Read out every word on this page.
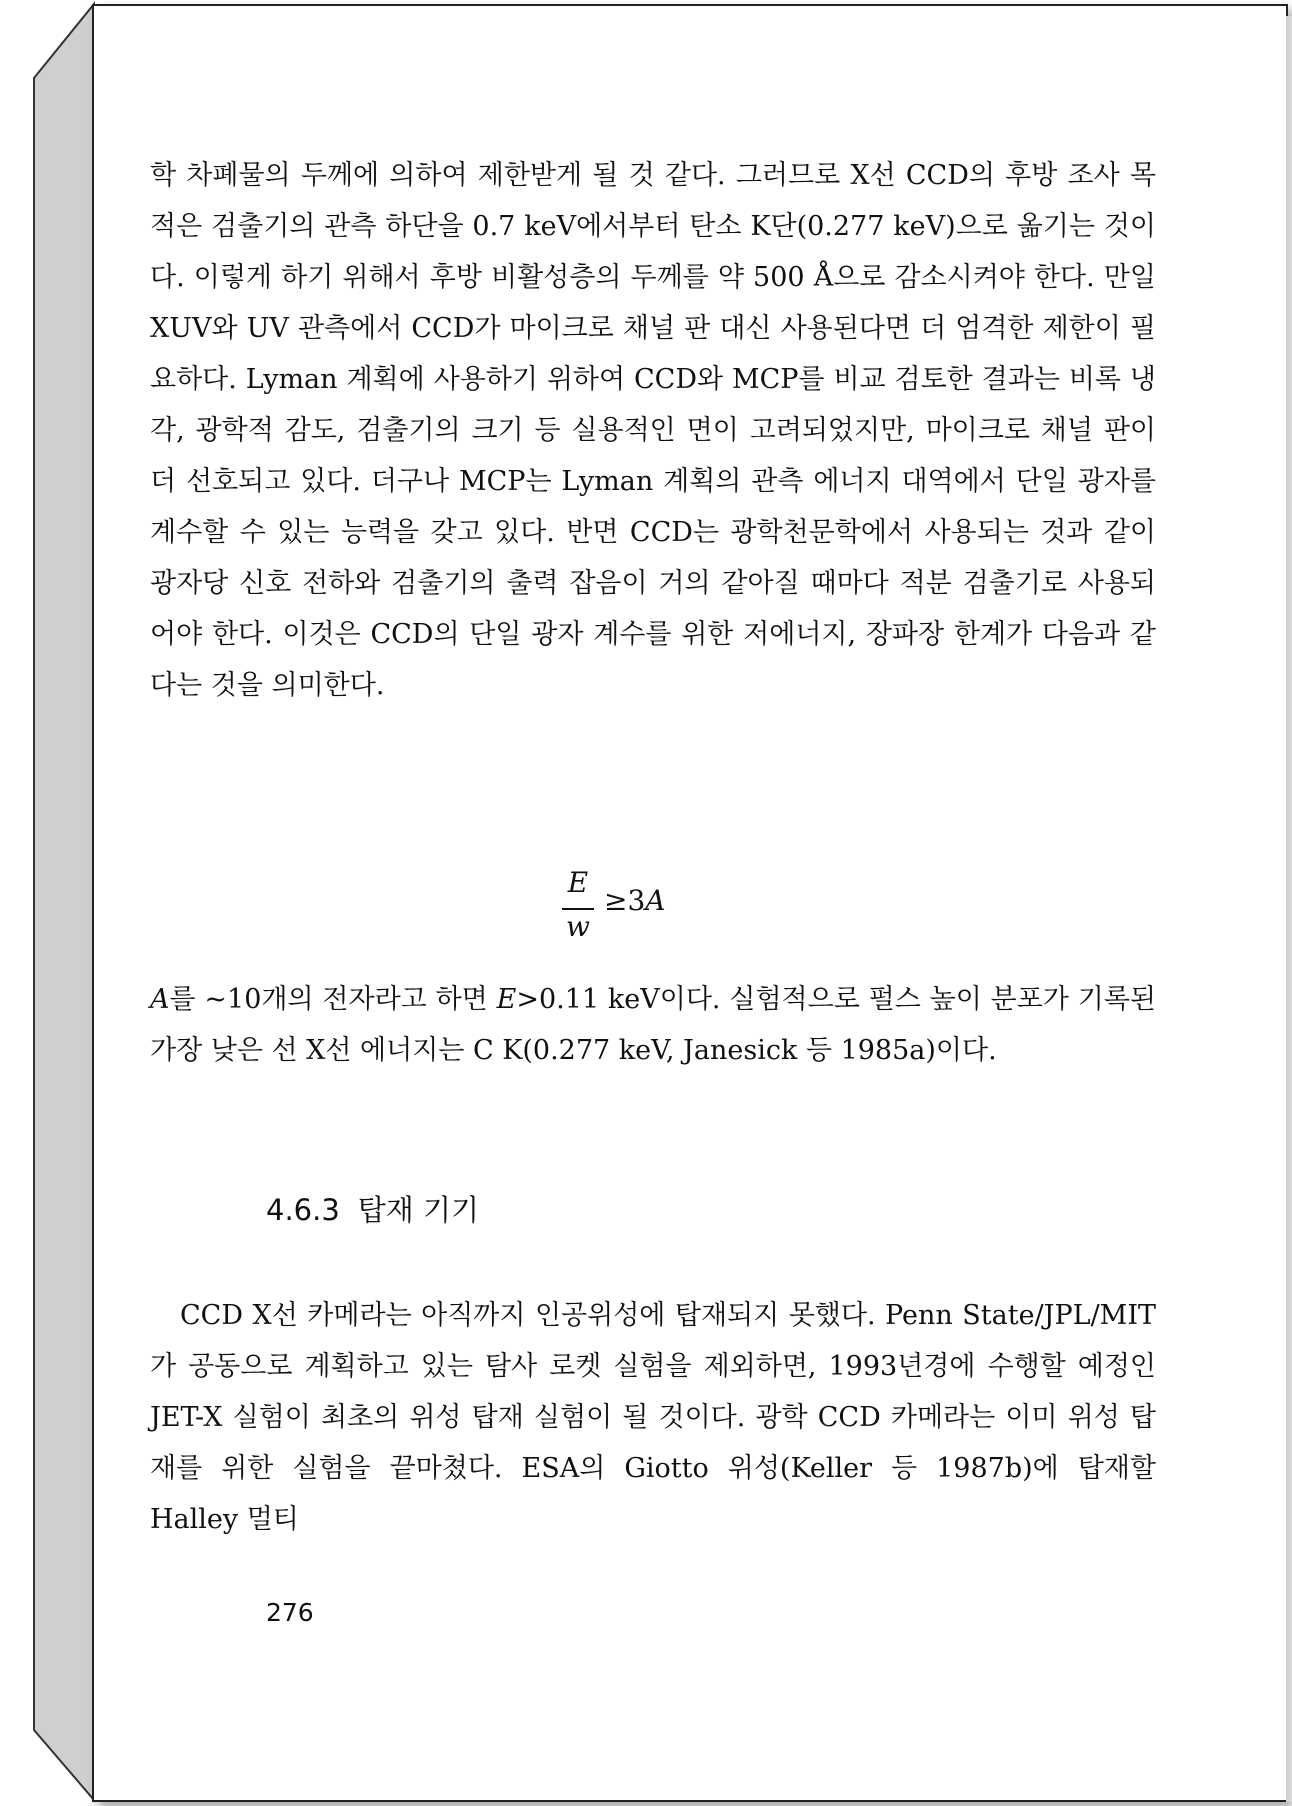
학 차폐물의 두께에 의하여 제한받게 될 것 같다. 그러므로 X선 CCD의 후방 조사 목적은 검출기의 관측 하단을 0.7 keV에서부터 탄소 K단(0.277 keV)으로 옮기는 것이다. 이렇게 하기 위해서 후방 비활성층의 두께를 약 500 Å으로 감소시켜야 한다. 만일 XUV와 UV 관측에서 CCD가 마이크로 채널 판 대신 사용된다면 더 엄격한 제한이 필요하다. Lyman 계획에 사용하기 위하여 CCD와 MCP를 비교 검토한 결과는 비록 냉각, 광학적 감도, 검출기의 크기 등 실용적인 면이 고려되었지만, 마이크로 채널 판이 더 선호되고 있다. 더구나 MCP는 Lyman 계획의 관측 에너지 대역에서 단일 광자를 계수할 수 있는 능력을 갖고 있다. 반면 CCD는 광학천문학에서 사용되는 것과 같이 광자당 신호 전하와 검출기의 출력 잡음이 거의 같아질 때마다 적분 검출기로 사용되어야 한다. 이것은 CCD의 단일 광자 계수를 위한 저에너지, 장파장 한계가 다음과 같다는 것을 의미한다.
E
w
≥3A
A를 ~10개의 전자라고 하면 E>0.11 keV이다. 실험적으로 펄스 높이 분포가 기록된 가장 낮은 선 X선 에너지는 C K(0.277 keV, Janesick 등 1985a)이다.
4.6.3 탑재 기기
CCD X선 카메라는 아직까지 인공위성에 탑재되지 못했다. Penn State/JPL/MIT가 공동으로 계획하고 있는 탐사 로켓 실험을 제외하면, 1993년경에 수행할 예정인 JET-X 실험이 최초의 위성 탑재 실험이 될 것이다. 광학 CCD 카메라는 이미 위성 탑재를 위한 실험을 끝마쳤다. ESA의 Giotto 위성(Keller 등 1987b)에 탑재할 Halley 멀티
276
